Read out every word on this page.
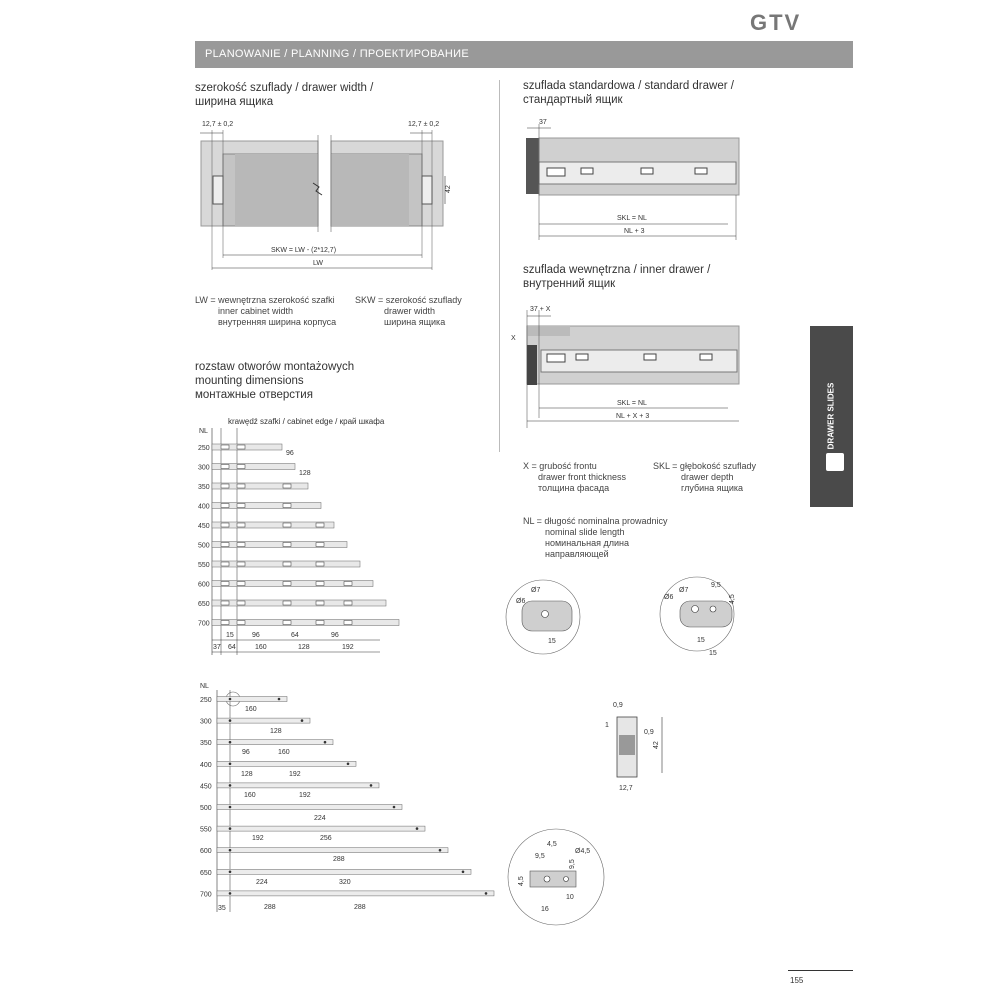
GTV
PLANOWANIE / PLANNING / ПРОЕКТИРОВАНИЕ
szerokość szuflady / drawer width /
ширина ящика
szuflada standardowa / standard drawer /
стандартный ящик
szuflada wewnętrzna / inner drawer /
внутренний ящик
rozstaw otworów montażowych
mounting dimensions
монтажные отверстия
LW = wewnętrzna szerokość szafki
inner cabinet width
внутренняя ширина корпуса
SKW = szerokość szuflady
drawer width
ширина ящика
X = grubość frontu
drawer front thickness
толщина фасада
SKL = głębokość szuflady
drawer depth
глубина ящика
NL = długość nominalna prowadnicy
nominal slide length
номинальная длина
направляющей
DRAWER SLIDES
155
12,7 ± 0,2	12,7 ± 0,2
42
SKW = LW - (2*12,7)
LW
37
SKL = NL
NL + 3
37 + X
X
SKL = NL
NL + X + 3
krawędź szafki / cabinet edge / край шкафа
NL
250
300
350
400
450
500
550
600
650
700
15	96	64	96
37 64	160	128	192
96
128
NL
250
300
350
400
450
500
550
600
650
700
160
128
96	160
128	192
160	192
224
192	256
288
224	320
288	288
35
Ø7
Ø6
15
Ø7
Ø6
9,5
4,5
15
15
0,9
1
0,9
42
12,7
4,5
9,5
Ø4,5
9,5
4,5
10
16
